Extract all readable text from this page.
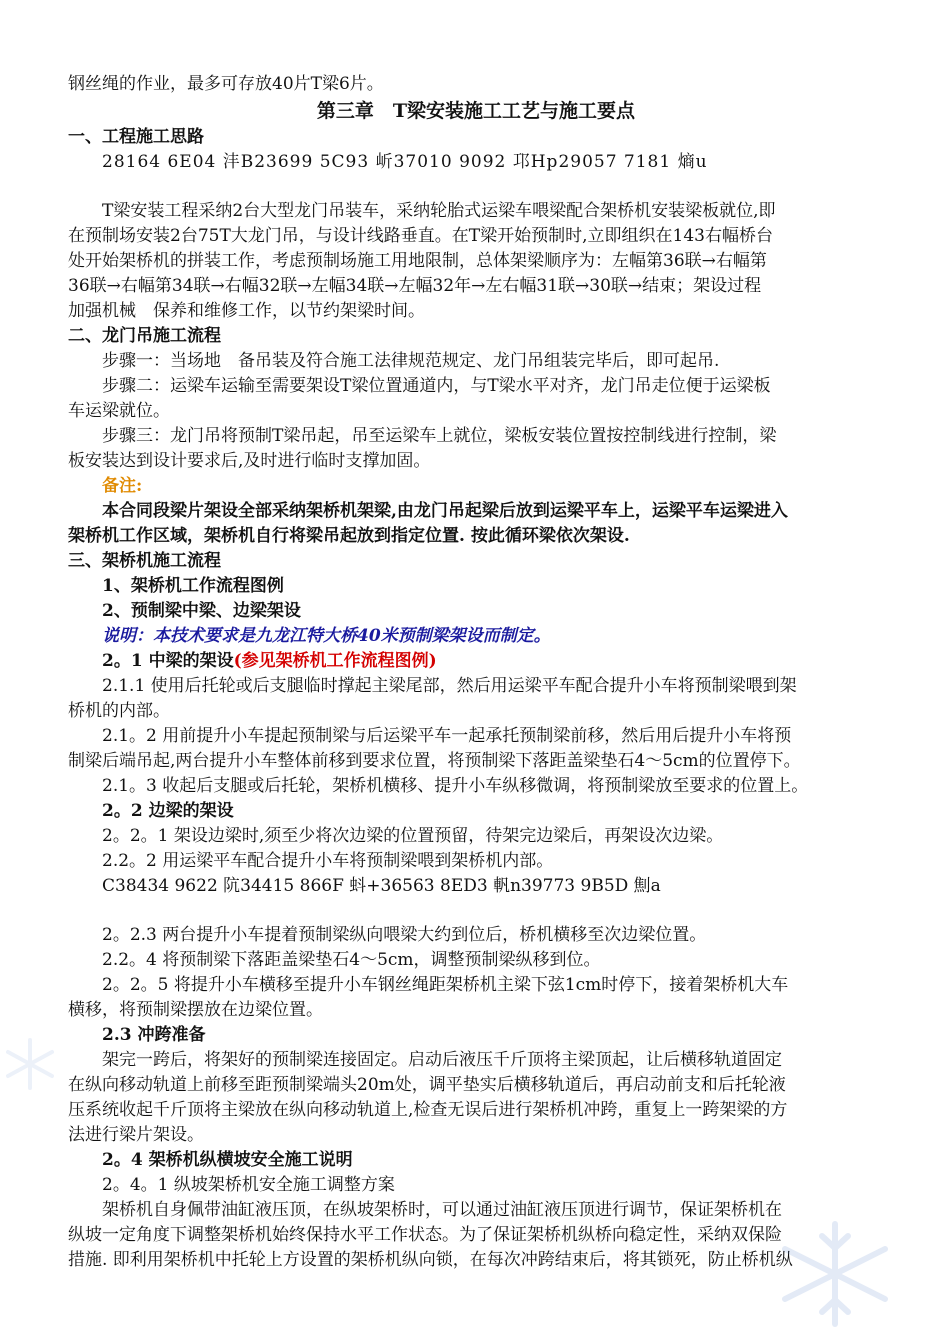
钢丝绳的作业，最多可存放40片T梁6片。
第三章　T梁安装施工工艺与施工要点
一、工程施工思路
28164 6E04 沣B23699 5C93 岓37010 9092 邛Hp29057 7181 熵u
T梁安装工程采纳2台大型龙门吊装车，采纳轮胎式运梁车喂梁配合架桥机安装梁板就位,即
在预制场安装2台75T大龙门吊，与设计线路垂直。在T梁开始预制时,立即组织在143右幅桥台
处开始架桥机的拼装工作，考虑预制场施工用地限制，总体架梁顺序为：左幅第36联→右幅第
36联→右幅第34联→右幅32联→左幅34联→左幅32年→左右幅31联→30联→结束；架设过程
加强机械　保养和维修工作，以节约架梁时间。
二、龙门吊施工流程
步骤一：当场地　备吊装及符合施工法律规范规定、龙门吊组装完毕后，即可起吊.
步骤二：运梁车运输至需要架设T梁位置通道内，与T梁水平对齐，龙门吊走位便于运梁板
车运梁就位。
步骤三：龙门吊将预制T梁吊起，吊至运梁车上就位，梁板安装位置按控制线进行控制，梁
板安装达到设计要求后,及时进行临时支撑加固。
备注:
本合同段梁片架设全部采纳架桥机架梁,由龙门吊起梁后放到运梁平车上，运梁平车运梁进入
架桥机工作区域，架桥机自行将梁吊起放到指定位置. 按此循环梁依次架设.
三、架桥机施工流程
1、架桥机工作流程图例
2、预制梁中梁、边梁架设
说明：本技术要求是九龙江特大桥40米预制梁架设而制定。
2。1 中梁的架设(参见架桥机工作流程图例)
2.1.1 使用后托轮或后支腿临时撑起主梁尾部，然后用运梁平车配合提升小车将预制梁喂到架
桥机的内部。
2.1。2 用前提升小车提起预制梁与后运梁平车一起承托预制梁前移，然后用后提升小车将预
制梁后端吊起,两台提升小车整体前移到要求位置，将预制梁下落距盖梁垫石4～5cm的位置停下。
2.1。3 收起后支腿或后托轮，架桥机横移、提升小车纵移微调，将预制梁放至要求的位置上。
2。2 边梁的架设
2。2。1 架设边梁时,须至少将次边梁的位置预留，待架完边梁后，再架设次边梁。
2.2。2 用运梁平车配合提升小车将预制梁喂到架桥机内部。
C38434 9622 阬34415 866F 蚪+36563 8ED3 軓n39773 9B5D 劁a
2。2.3 两台提升小车提着预制梁纵向喂梁大约到位后，桥机横移至次边梁位置。
2.2。4 将预制梁下落距盖梁垫石4～5cm，调整预制梁纵移到位。
2。2。5 将提升小车横移至提升小车钢丝绳距架桥机主梁下弦1cm时停下，接着架桥机大车
横移，将预制梁摆放在边梁位置。
2.3 冲跨准备
架完一跨后，将架好的预制梁连接固定。启动后液压千斤顶将主梁顶起，让后横移轨道固定
在纵向移动轨道上前移至距预制梁端头20m处，调平垫实后横移轨道后，再启动前支和后托轮液
压系统收起千斤顶将主梁放在纵向移动轨道上,检查无误后进行架桥机冲跨，重复上一跨架梁的方
法进行梁片架设。
2。4 架桥机纵横坡安全施工说明
2。4。1 纵坡架桥机安全施工调整方案
架桥机自身佩带油缸液压顶，在纵坡架桥时，可以通过油缸液压顶进行调节，保证架桥机在
纵坡一定角度下调整架桥机始终保持水平工作状态。为了保证架桥机纵桥向稳定性，采纳双保险
措施. 即利用架桥机中托轮上方设置的架桥机纵向锁，在每次冲跨结束后，将其锁死，防止桥机纵
